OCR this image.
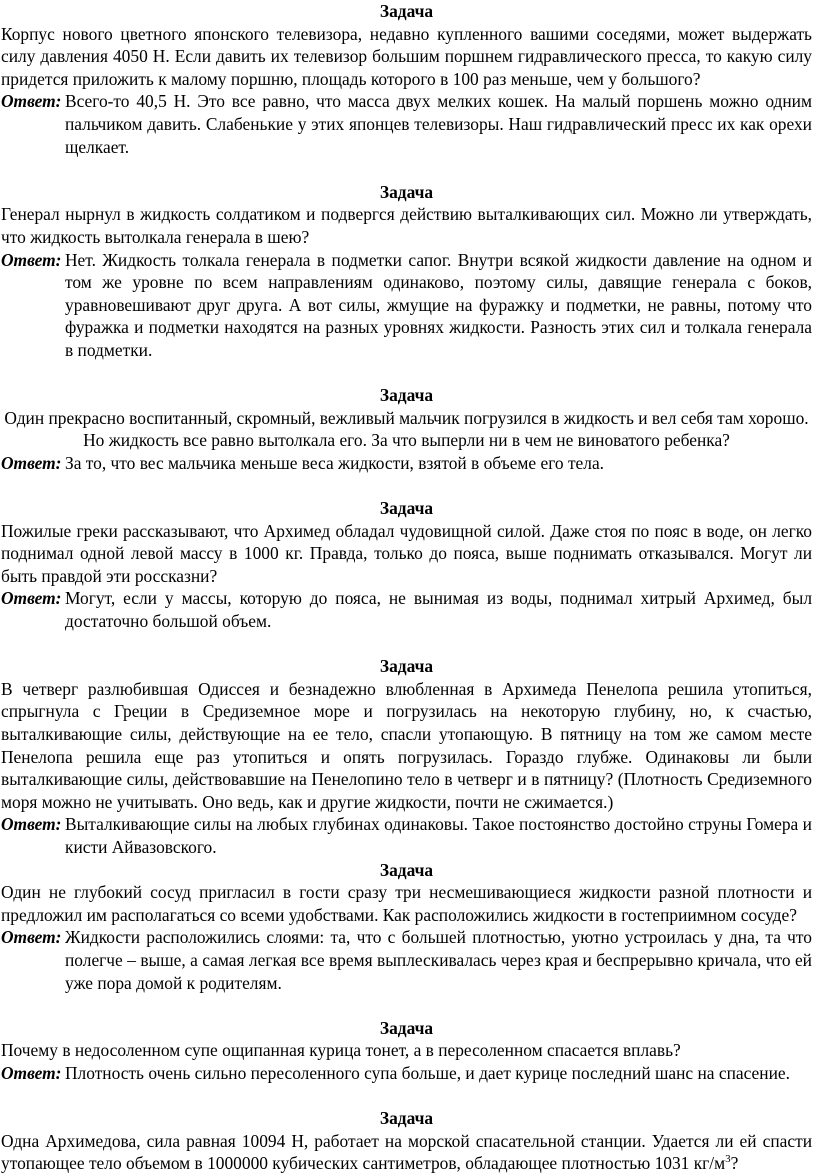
Задача

Корпус нового цветного японского телевизора, недавно купленного вашими соседями, может выдержать силу давления 4050 Н. Если давить их телевизор большим поршнем гидравлического пресса, то какую силу придется приложить к малому поршню, площадь которого в 100 раз меньше, чем у большого?

Ответ: Всего-то 40,5 Н. Это все равно, что масса двух мелких кошек. На малый поршень можно одним пальчиком давить. Слабенькие у этих японцев телевизоры. Наш гидравлический пресс их как орехи щелкает.

Задача

Генерал нырнул в жидкость солдатиком и подвергся действию выталкивающих сил. Можно ли утверждать, что жидкость вытолкала генерала в шею?

Ответ: Нет. Жидкость толкала генерала в подметки сапог. Внутри всякой жидкости давление на одном и том же уровне по всем направлениям одинаково, поэтому силы, давящие генерала с боков, уравновешивают друг друга. А вот силы, жмущие на фуражку и подметки, не равны, потому что фуражка и подметки находятся на разных уровнях жидкости. Разность этих сил и толкала генерала в подметки.

Задача

Один прекрасно воспитанный, скромный, вежливый мальчик погрузился в жидкость и вел себя там хорошо. Но жидкость все равно вытолкала его. За что выперли ни в чем не виноватого ребенка?

Ответ: За то, что вес мальчика меньше веса жидкости, взятой в объеме его тела.

Задача

Пожилые греки рассказывают, что Архимед обладал чудовищной силой. Даже стоя по пояс в воде, он легко поднимал одной левой массу в 1000 кг. Правда, только до пояса, выше поднимать отказывался. Могут ли быть правдой эти россказни?

Ответ: Могут, если у массы, которую до пояса, не вынимая из воды, поднимал хитрый Архимед, был достаточно большой объем.

Задача

В четверг разлюбившая Одиссея и безнадежно влюбленная в Архимеда Пенелопа решила утопиться, спрыгнула с Греции в Средиземное море и погрузилась на некоторую глубину, но, к счастью, выталкивающие силы, действующие на ее тело, спасли утопающую. В пятницу на том же самом месте Пенелопа решила еще раз утопиться и опять погрузилась. Гораздо глубже. Одинаковы ли были выталкивающие силы, действовавшие на Пенелопино тело в четверг и в пятницу? (Плотность Средиземного моря можно не учитывать. Оно ведь, как и другие жидкости, почти не сжимается.)

Ответ: Выталкивающие силы на любых глубинах одинаковы. Такое постоянство достойно струны Гомера и кисти Айвазовского.

Задача

Один не глубокий сосуд пригласил в гости сразу три несмешивающиеся жидкости разной плотности и предложил им располагаться со всеми удобствами. Как расположились жидкости в гостеприимном сосуде?

Ответ: Жидкости расположились слоями: та, что с большей плотностью, уютно устроилась у дна, та что полегче – выше, а самая легкая все время выплескивалась через края и беспрерывно кричала, что ей уже пора домой к родителям.

Задача

Почему в недосоленном супе ощипанная курица тонет, а в пересоленном спасается вплавь?

Ответ: Плотность очень сильно пересоленного супа больше, и дает курице последний шанс на спасение.

Задача

Одна Архимедова, сила равная 10094 Н, работает на морской спасательной станции. Удается ли ей спасти утопающее тело объемом в 1000000 кубических сантиметров, обладающее плотностью 1031 $кг/м^3$?
